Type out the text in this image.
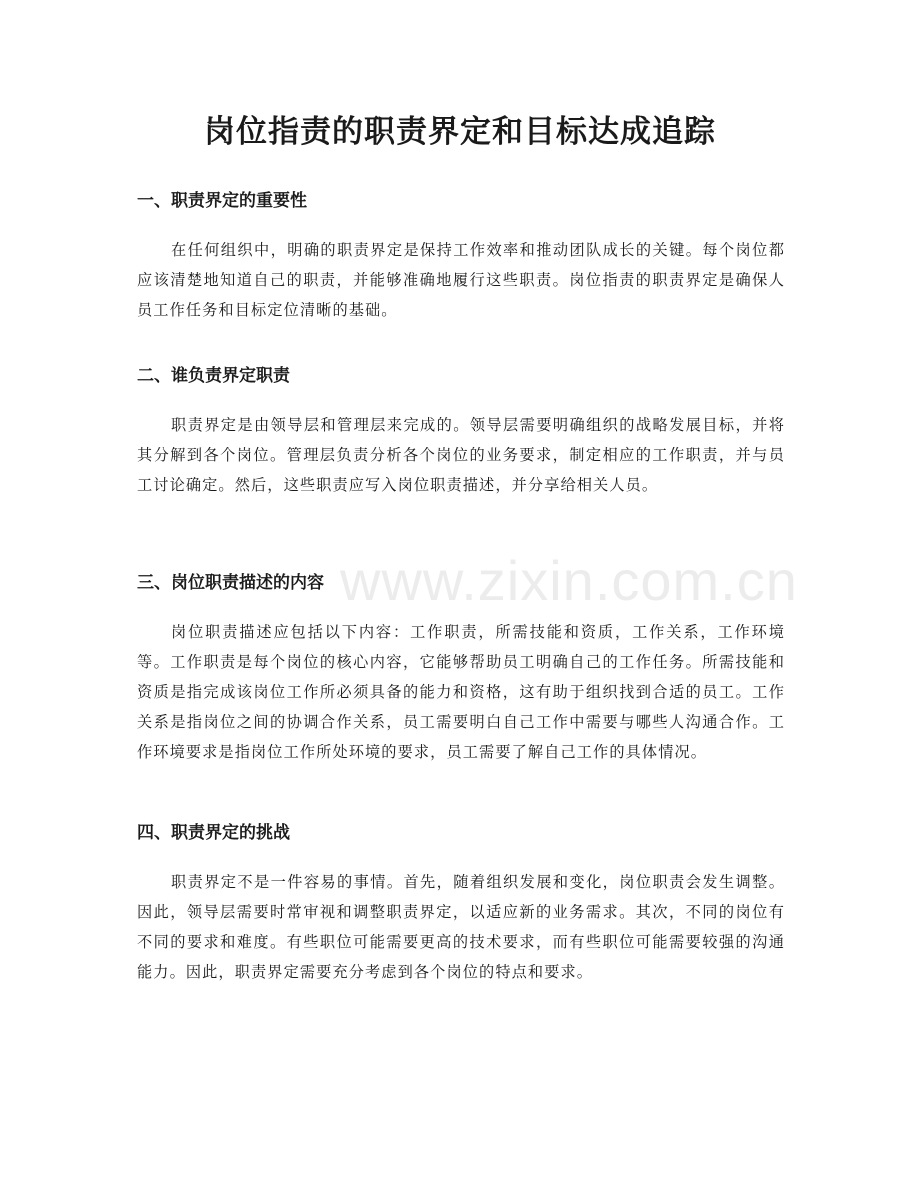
岗位指责的职责界定和目标达成追踪
一、职责界定的重要性

在任何组织中，明确的职责界定是保持工作效率和推动团队成长的关键。每个岗位都应该清楚地知道自己的职责，并能够准确地履行这些职责。岗位指责的职责界定是确保人员工作任务和目标定位清晰的基础。

二、谁负责界定职责

职责界定是由领导层和管理层来完成的。领导层需要明确组织的战略发展目标，并将其分解到各个岗位。管理层负责分析各个岗位的业务要求，制定相应的工作职责，并与员工讨论确定。然后，这些职责应写入岗位职责描述，并分享给相关人员。

三、岗位职责描述的内容

岗位职责描述应包括以下内容：工作职责，所需技能和资质，工作关系，工作环境等。工作职责是每个岗位的核心内容，它能够帮助员工明确自己的工作任务。所需技能和资质是指完成该岗位工作所必须具备的能力和资格，这有助于组织找到合适的员工。工作关系是指岗位之间的协调合作关系，员工需要明白自己工作中需要与哪些人沟通合作。工作环境要求是指岗位工作所处环境的要求，员工需要了解自己工作的具体情况。

四、职责界定的挑战

职责界定不是一件容易的事情。首先，随着组织发展和变化，岗位职责会发生调整。因此，领导层需要时常审视和调整职责界定，以适应新的业务需求。其次，不同的岗位有不同的要求和难度。有些职位可能需要更高的技术要求，而有些职位可能需要较强的沟通能力。因此，职责界定需要充分考虑到各个岗位的特点和要求。

www.zixin.com.cn
